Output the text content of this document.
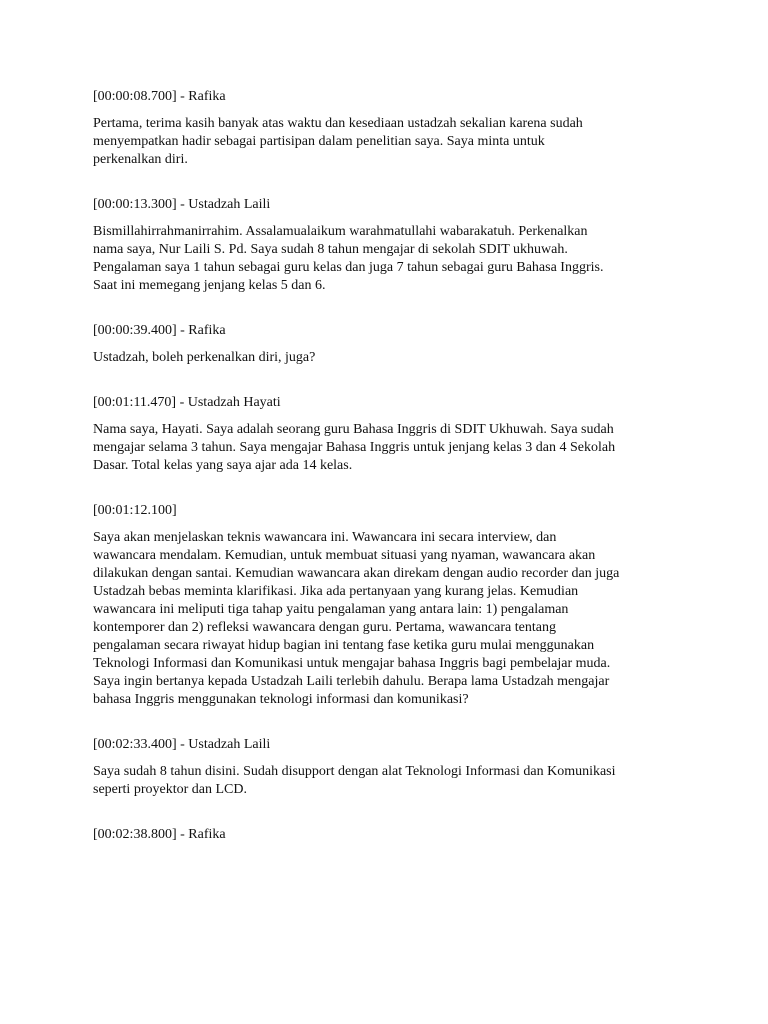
[00:00:08.700] - Rafika
Pertama, terima kasih banyak atas waktu dan kesediaan ustadzah sekalian karena sudah
menyempatkan hadir sebagai partisipan dalam penelitian saya. Saya minta untuk
perkenalkan diri.
[00:00:13.300] - Ustadzah Laili
Bismillahirrahmanirrahim. Assalamualaikum warahmatullahi wabarakatuh. Perkenalkan
nama saya, Nur Laili S. Pd. Saya sudah 8 tahun mengajar di sekolah SDIT ukhuwah.
Pengalaman saya 1 tahun sebagai guru kelas dan juga 7 tahun sebagai guru Bahasa Inggris.
Saat ini memegang jenjang kelas 5 dan 6.
[00:00:39.400] - Rafika
Ustadzah, boleh perkenalkan diri, juga?
[00:01:11.470] - Ustadzah Hayati
Nama saya, Hayati. Saya adalah seorang guru Bahasa Inggris di SDIT Ukhuwah. Saya sudah
mengajar selama 3 tahun. Saya mengajar Bahasa Inggris untuk jenjang kelas 3 dan 4 Sekolah
Dasar. Total kelas yang saya ajar ada 14 kelas.
[00:01:12.100]
Saya akan menjelaskan teknis wawancara ini. Wawancara ini secara interview, dan
wawancara mendalam. Kemudian, untuk membuat situasi yang nyaman, wawancara akan
dilakukan dengan santai. Kemudian wawancara akan direkam dengan audio recorder dan juga
Ustadzah bebas meminta klarifikasi. Jika ada pertanyaan yang kurang jelas. Kemudian
wawancara ini meliputi tiga tahap yaitu pengalaman yang antara lain: 1) pengalaman
kontemporer dan 2) refleksi wawancara dengan guru. Pertama, wawancara tentang
pengalaman secara riwayat hidup bagian ini tentang fase ketika guru mulai menggunakan
Teknologi Informasi dan Komunikasi untuk mengajar bahasa Inggris bagi pembelajar muda.
Saya ingin bertanya kepada Ustadzah Laili terlebih dahulu. Berapa lama Ustadzah mengajar
bahasa Inggris menggunakan teknologi informasi dan komunikasi?
[00:02:33.400] - Ustadzah Laili
Saya sudah 8 tahun disini. Sudah disupport dengan alat Teknologi Informasi dan Komunikasi
seperti proyektor dan LCD.
[00:02:38.800] - Rafika
